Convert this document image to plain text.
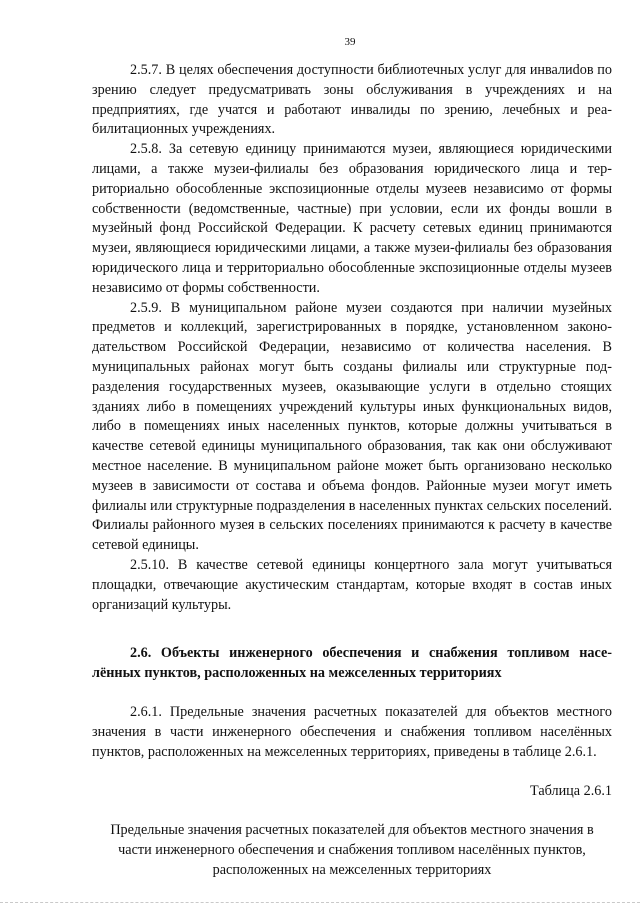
39

2.5.7. В целях обеспечения доступности библиотечных услуг для инвалиdов по зрению следует предусматривать зоны обслуживания в учреждениях и на предприятиях, где учатся и работают инвалиды по зрению, лечебных и реабилитационных учреждениях.

2.5.8. За сетевую единицу принимаются музеи, являющиеся юридическими лицами, а также музеи-филиалы без образования юридического лица и территориально обособленные экспозиционные отделы музеев независимо от формы собственности (ведомственные, частные) при условии, если их фонды вошли в музейный фонд Российской Федерации. К расчету сетевых единиц принимаются музеи, являющиеся юридическими лицами, а также музеи-филиалы без образования юридического лица и территориально обособленные экспозиционные отделы музеев независимо от формы собственности.

2.5.9. В муниципальном районе музеи создаются при наличии музейных предметов и коллекций, зарегистрированных в порядке, установленном законодательством Российской Федерации, независимо от количества населения. В муниципальных районах могут быть созданы филиалы или структурные подразделения государственных музеев, оказывающие услуги в отдельно стоящих зданиях либо в помещениях учреждений культуры иных функциональных видов, либо в помещениях иных населенных пунктов, которые должны учитываться в качестве сетевой единицы муниципального образования, так как они обслуживают местное население. В муниципальном районе может быть организовано несколько музеев в зависимости от состава и объема фондов. Районные музеи могут иметь филиалы или структурные подразделения в населенных пунктах сельских поселений. Филиалы районного музея в сельских поселениях принимаются к расчету в качестве сетевой единицы.

2.5.10. В качестве сетевой единицы концертного зала могут учитываться площадки, отвечающие акустическим стандартам, которые входят в состав иных организаций культуры.

2.6. Объекты инженерного обеспечения и снабжения топливом населённых пунктов, расположенных на межселенных территориях

2.6.1. Предельные значения расчетных показателей для объектов местного значения в части инженерного обеспечения и снабжения топливом населённых пунктов, расположенных на межселенных территориях, приведены в таблице 2.6.1.

Таблица 2.6.1

Предельные значения расчетных показателей для объектов местного значения в части инженерного обеспечения и снабжения топливом населённых пунктов, расположенных на межселенных территориях
